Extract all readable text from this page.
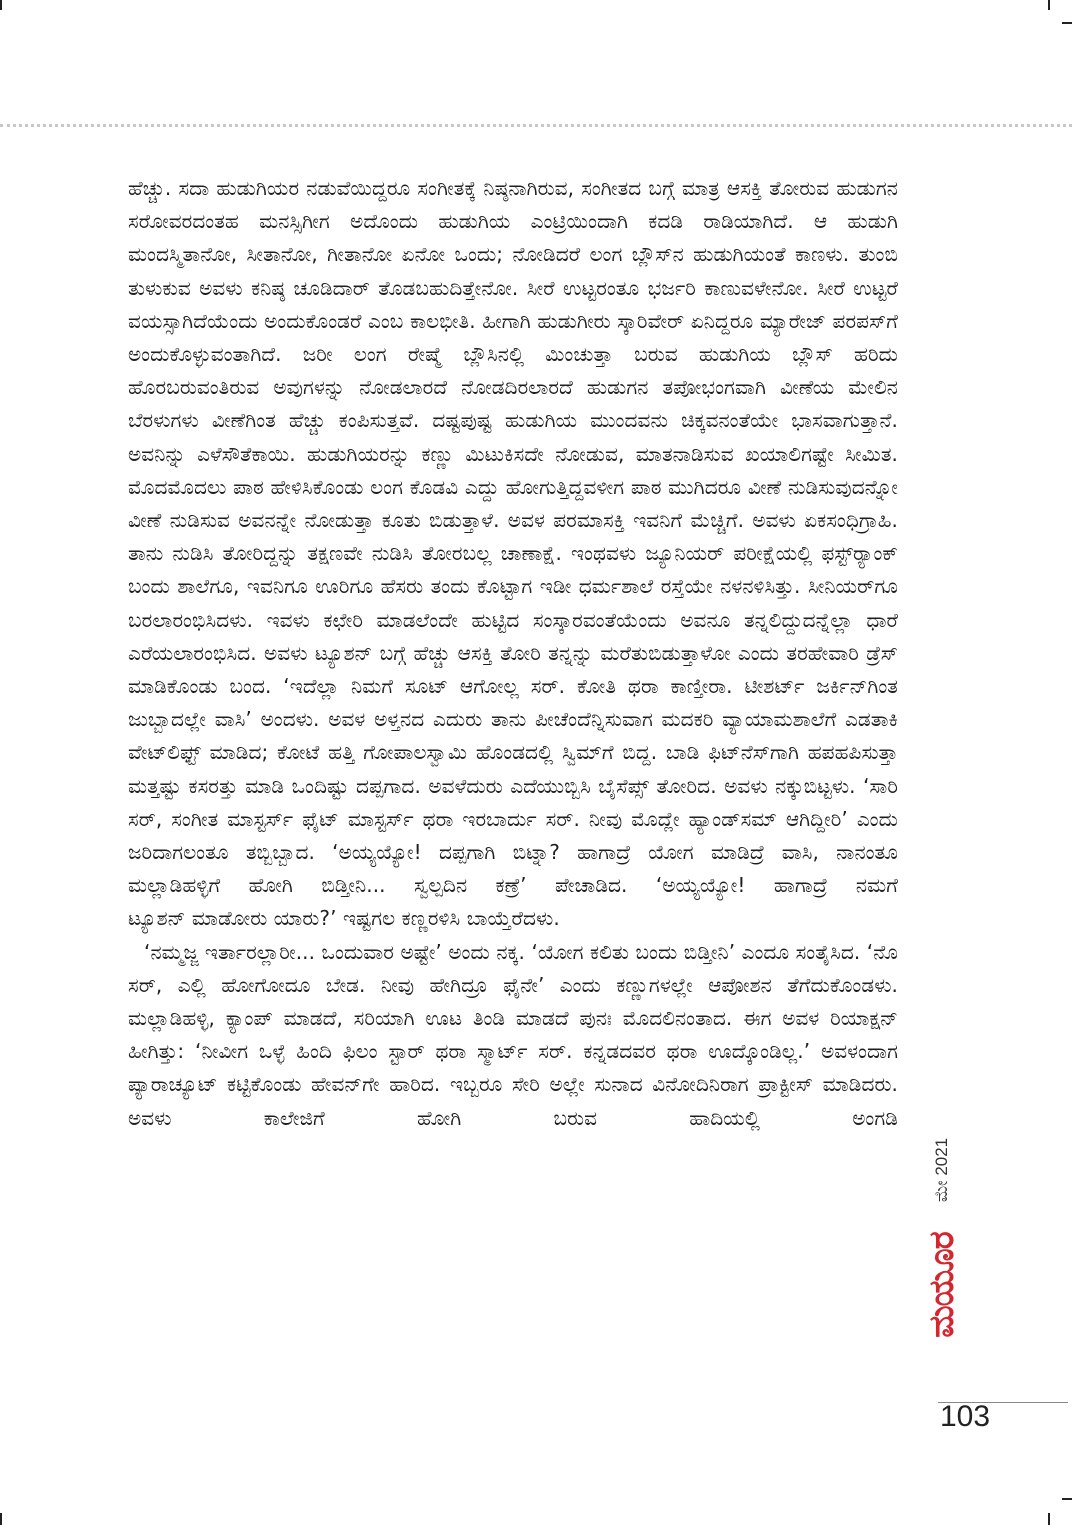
ಹೆಚ್ಚು. ಸದಾ ಹುಡುಗಿಯರ ನಡುವೆಯಿದ್ದರೂ ಸಂಗೀತಕ್ಕೆ ನಿಷ್ಠನಾಗಿರುವ, ಸಂಗೀತದ ಬಗ್ಗೆ ಮಾತ್ರ ಆಸಕ್ತಿ ತೋರುವ ಹುಡುಗನ ಸರೋವರದಂತಹ ಮನಸ್ಸಿಗೀಗ ಅದೊಂದು ಹುಡುಗಿಯ ಎಂಟ್ರಿಯಿಂದಾಗಿ ಕದಡಿ ರಾಡಿಯಾಗಿದೆ. ಆ ಹುಡುಗಿ ಮಂದಸ್ಮಿತಾನೋ, ಸೀತಾನೋ, ಗೀತಾನೋ ಏನೋ ಒಂದು; ನೋಡಿದರೆ ಲಂಗ ಬ್ಲೌಸ್‌ನ ಹುಡುಗಿಯಂತೆ ಕಾಣಳು. ತುಂಬಿ ತುಳುಕುವ ಅವಳು ಕನಿಷ್ಠ ಚೂಡಿದಾರ್ ತೊಡಬಹುದಿತ್ತೇನೋ. ಸೀರೆ ಉಟ್ಟರಂತೂ ಭರ್ಜರಿ ಕಾಣುವಳೇನೋ. ಸೀರೆ ಉಟ್ಟರೆ ವಯಸ್ಸಾಗಿದೆಯೆಂದು ಅಂದುಕೊಂಡರೆ ಎಂಬ ಕಾಲಭೀತಿ. ಹೀಗಾಗಿ ಹುಡುಗೀರು ಸ್ಕಾರಿವೇರ್ ಏನಿದ್ದರೂ ಮ್ಯಾರೇಜ್ ಪರಪಸ್‌ಗೆ ಅಂದುಕೊಳ್ಳುವಂತಾಗಿದೆ. ಜರೀ ಲಂಗ ರೇಷ್ಮೆ ಬ್ಲೌಸಿನಲ್ಲಿ ಮಿಂಚುತ್ತಾ ಬರುವ ಹುಡುಗಿಯ ಬ್ಲೌಸ್ ಹರಿದು ಹೊರಬರುವಂತಿರುವ ಅವುಗಳನ್ನು ನೋಡಲಾರದೆ ನೋಡದಿರಲಾರದೆ ಹುಡುಗನ ತಪೋಭಂಗವಾಗಿ ವೀಣೆಯ ಮೇಲಿನ ಬೆರಳುಗಳು ವೀಣೆಗಿಂತ ಹೆಚ್ಚು ಕಂಪಿಸುತ್ತವೆ. ದಷ್ಟಪುಷ್ಟ ಹುಡುಗಿಯ ಮುಂದವನು ಚಿಕ್ಕವನಂತೆಯೇ ಭಾಸವಾಗುತ್ತಾನೆ. ಅವನಿನ್ನು ಎಳೆಸೌತೆಕಾಯಿ. ಹುಡುಗಿಯರನ್ನು ಕಣ್ಣು ಮಿಟುಕಿಸದೇ ನೋಡುವ, ಮಾತನಾಡಿಸುವ ಖಯಾಲಿಗಷ್ಟೇ ಸೀಮಿತ. ಮೊದಮೊದಲು ಪಾಠ ಹೇಳಿಸಿಕೊಂಡು ಲಂಗ ಕೊಡವಿ ಎದ್ದು ಹೋಗುತ್ತಿದ್ದವಳೀಗ ಪಾಠ ಮುಗಿದರೂ ವೀಣೆ ನುಡಿಸುವುದನ್ನೋ ವೀಣೆ ನುಡಿಸುವ ಅವನನ್ನೇ ನೋಡುತ್ತಾ ಕೂತು ಬಿಡುತ್ತಾಳೆ. ಅವಳ ಪರಮಾಸಕ್ತಿ ಇವನಿಗೆ ಮೆಚ್ಚಿಗೆ. ಅವಳು ಏಕಸಂಧಿಗ್ರಾಹಿ. ತಾನು ನುಡಿಸಿ ತೋರಿದ್ದನ್ನು ತಕ್ಷಣವೇ ನುಡಿಸಿ ತೋರಬಲ್ಲ ಚಾಣಾಕ್ಷೆ. ಇಂಥವಳು ಜ್ಯೂನಿಯರ್ ಪರೀಕ್ಷೆಯಲ್ಲಿ ಫಸ್ಟ್‌ರ್‍ಯಾಂಕ್ ಬಂದು ಶಾಲೆಗೂ, ಇವನಿಗೂ ಊರಿಗೂ ಹೆಸರು ತಂದು ಕೊಟ್ಟಾಗ ಇಡೀ ಧರ್ಮಶಾಲೆ ರಸ್ತೆಯೇ ನಳನಳಿಸಿತ್ತು. ಸೀನಿಯರ್‌ಗೂ ಬರಲಾರಂಭಿಸಿದಳು. ಇವಳು ಕಛೇರಿ ಮಾಡಲೆಂದೇ ಹುಟ್ಟಿದ ಸಂಸ್ಕಾರವಂತೆಯೆಂದು ಅವನೂ ತನ್ನಲಿದ್ದುದನ್ನೆಲ್ಲಾ ಧಾರೆ ಎರೆಯಲಾರಂಭಿಸಿದ. ಅವಳು ಟ್ಯೂಶನ್ ಬಗ್ಗೆ ಹೆಚ್ಚು ಆಸಕ್ತಿ ತೋರಿ ತನ್ನನ್ನು ಮರೆತುಬಿಡುತ್ತಾಳೋ ಎಂದು ತರಹೇವಾರಿ ಡ್ರೆಸ್ ಮಾಡಿಕೊಂಡು ಬಂದ. ‘ಇದೆಲ್ಲಾ ನಿಮಗೆ ಸೂಟ್ ಆಗೋಲ್ಲ ಸರ್. ಕೋತಿ ಥರಾ ಕಾಣ್ತೀರಾ. ಟೀಶರ್ಟ್ ಜರ್ಕಿನ್‌ಗಿಂತ ಜುಬ್ಬಾದಲ್ಲೇ ವಾಸಿ’ ಅಂದಳು. ಅವಳ ಅಳ್ತನದ ಎದುರು ತಾನು ಪೀಚೆಂದೆನ್ನಿಸುವಾಗ ಮದಕರಿ ವ್ಯಾಯಾಮಶಾಲೆಗೆ ಎಡತಾಕಿ ವೇಟ್‌ಲಿಫ್ಟ್ ಮಾಡಿದ; ಕೋಟೆ ಹತ್ತಿ ಗೋಪಾಲಸ್ವಾಮಿ ಹೊಂಡದಲ್ಲಿ ಸ್ವಿಮ್‌ಗೆ ಬಿದ್ದ. ಬಾಡಿ ಫಿಟ್‌ನೆಸ್‌ಗಾಗಿ ಹಪಹಪಿಸುತ್ತಾ ಮತ್ತಷ್ಟು ಕಸರತ್ತು ಮಾಡಿ ಒಂದಿಷ್ಟು ದಪ್ಪಗಾದ. ಅವಳೆದುರು ಎದೆಯುಬ್ಬಿಸಿ ಬೈಸೆಪ್ಸ್ ತೋರಿದ. ಅವಳು ನಕ್ಕುಬಿಟ್ಟಳು. ‘ಸಾರಿ ಸರ್, ಸಂಗೀತ ಮಾಸ್ಟರ್ಸ್ ಫೈಟ್ ಮಾಸ್ಟರ್ಸ್ ಥರಾ ಇರಬಾರ್ದು ಸರ್. ನೀವು ಮೊದ್ಲೇ ಹ್ಯಾಂಡ್‌ಸಮ್ ಆಗಿದ್ದೀರಿ’ ಎಂದು ಜರಿದಾಗಲಂತೂ ತಬ್ಬಿಬ್ಬಾದ. ‘ಅಯ್ಯಯ್ಯೋ! ದಪ್ಪಗಾಗಿ ಬಿಟ್ನಾ? ಹಾಗಾದ್ರೆ ಯೋಗ ಮಾಡಿದ್ರೆ ವಾಸಿ, ನಾನಂತೂ ಮಲ್ಲಾಡಿಹಳ್ಳಿಗೆ ಹೋಗಿ ಬಿಡ್ತೀನಿ... ಸ್ವಲ್ಪದಿನ ಕಣ್ರೆ’ ಪೇಚಾಡಿದ. ‘ಅಯ್ಯಯ್ಯೋ! ಹಾಗಾದ್ರೆ ನಮಗೆ
ಟ್ಯೂಶನ್ ಮಾಡೋರು ಯಾರು?’ ಇಷ್ಟಗಲ ಕಣ್ಣರಳಿಸಿ ಬಾಯ್ತೆರೆದಳು.

‘ನಮ್ಮಜ್ಜ ಇರ್ತಾರಲ್ಲಾರೀ... ಒಂದುವಾರ ಅಷ್ಟೇ’ ಅಂದು ನಕ್ಕ. ‘ಯೋಗ ಕಲಿತು ಬಂದು ಬಿಡ್ತೀನಿ’ ಎಂದೂ ಸಂತೈಸಿದ. ‘ನೊ ಸರ್, ಎಲ್ಲಿ ಹೋಗೋದೂ ಬೇಡ. ನೀವು ಹೇಗಿದ್ರೂ ಫೈನೇ’ ಎಂದು ಕಣ್ಣುಗಳಲ್ಲೇ ಆಪೋಶನ ತೆಗೆದುಕೊಂಡಳು. ಮಲ್ಲಾಡಿಹಳ್ಳಿ, ಕ್ಯಾಂಪ್ ಮಾಡದೆ, ಸರಿಯಾಗಿ ಊಟ ತಿಂಡಿ ಮಾಡದೆ ಪುನಃ ಮೊದಲಿನಂತಾದ. ಈಗ ಅವಳ ರಿಯಾಕ್ಷನ್ ಹೀಗಿತ್ತು: ‘ನೀವೀಗ ಒಳ್ಳೆ ಹಿಂದಿ ಫಿಲಂ ಸ್ಟಾರ್ ಥರಾ ಸ್ಮಾರ್ಟ್ ಸರ್. ಕನ್ನಡದವರ ಥರಾ ಊದ್ಕೊಂಡಿಲ್ಲ.’ ಅವಳಂದಾಗ ಪ್ಯಾರಾಚ್ಯೂಟ್ ಕಟ್ಟಿಕೊಂಡು ಹೇವನ್‌ಗೇ ಹಾರಿದ. ಇಬ್ಬರೂ ಸೇರಿ ಅಲ್ಲೇ ಸುನಾದ ವಿನೋದಿನಿರಾಗ ಪ್ರಾಕ್ಟೀಸ್ ಮಾಡಿದರು. ಅವಳು ಕಾಲೇಜಿಗೆ ಹೋಗಿ ಬರುವ ಹಾದಿಯಲ್ಲಿ ಅಂಗಡಿ

ಮೇ 2021
ಮಯೂರ
103
